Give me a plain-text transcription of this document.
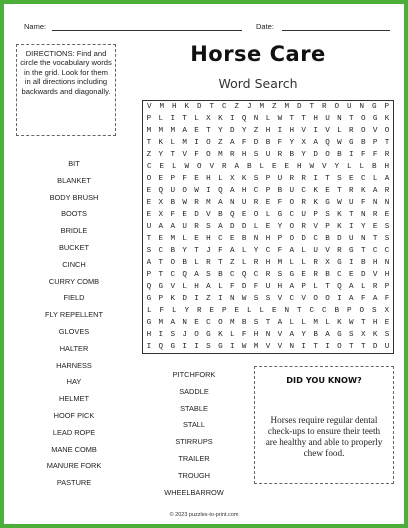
Name:	Date:
DIRECTIONS: Find and circle the vocabulary words in the grid. Look for them in all directions including backwards and diagonally.
Horse Care
Word Search
V	M	H	K	D	T	C	Z	J	M	Z	M	D	T	R	O	U	N	G	P
P L I T L X K I Q N L W T T H U N T O G K
M M M A E T Y D Y Z H I H V I V L R O V O
T K L M I O Z A F D B F Y X A Q W G B P T
Z Y T V F O M R H S U R B Y D O B I F F R
C	E	L	W	O	V	R	A	B	L	E	E	H	W	V	Y	L	L	B	H
O E P F E H L X K S P U R R I T S E C L A
E Q U O W I Q A H C P B U C K E T R K A R
E X B W R M A N U R E F O R K G W U F N N
E X F E D V B Q E O L G C U P S K T N R E
U A A U R S A D D L E Y O R V P K I Y E S
T E M L E H C E B N H P O D C B D U N T S
S C B Y T J F A L Y C F A L U V R G T C C
A T O B L R T Z L R H M L L R X G I B H N
P T C Q A S B C Q C R S G E R B C E D V H
Q G V L H A L F D F U H A P L T Q A L R P
G P K D I Z I N W S S V C V O O I A F A F
L	F	L	Y	R	E	P	E	L	L	E	N	T	C	C	B	P	O	S	X
G M A N E C O M B S T A L L M L K W T H E
H I S J O G K L F H N V A Y B A G S X K S
I Q G I I S G I W M V V N I T I O T T D U
BIT
BLANKET
BODY BRUSH
BOOTS
BRIDLE
BUCKET
CINCH
CURRY COMB
FIELD
FLY REPELLENT
GLOVES
HALTER
HARNESS
HAY
HELMET
HOOF PICK
LEAD ROPE
MANE COMB
MANURE FORK
PASTURE
PITCHFORK
SADDLE
STABLE
STALL
STIRRUPS
TRAILER
TROUGH
WHEELBARROW
DID YOU KNOW?
Horses require regular dental check-ups to ensure their teeth are healthy and able to properly chew food.
© 2023 puzzles-to-print.com
